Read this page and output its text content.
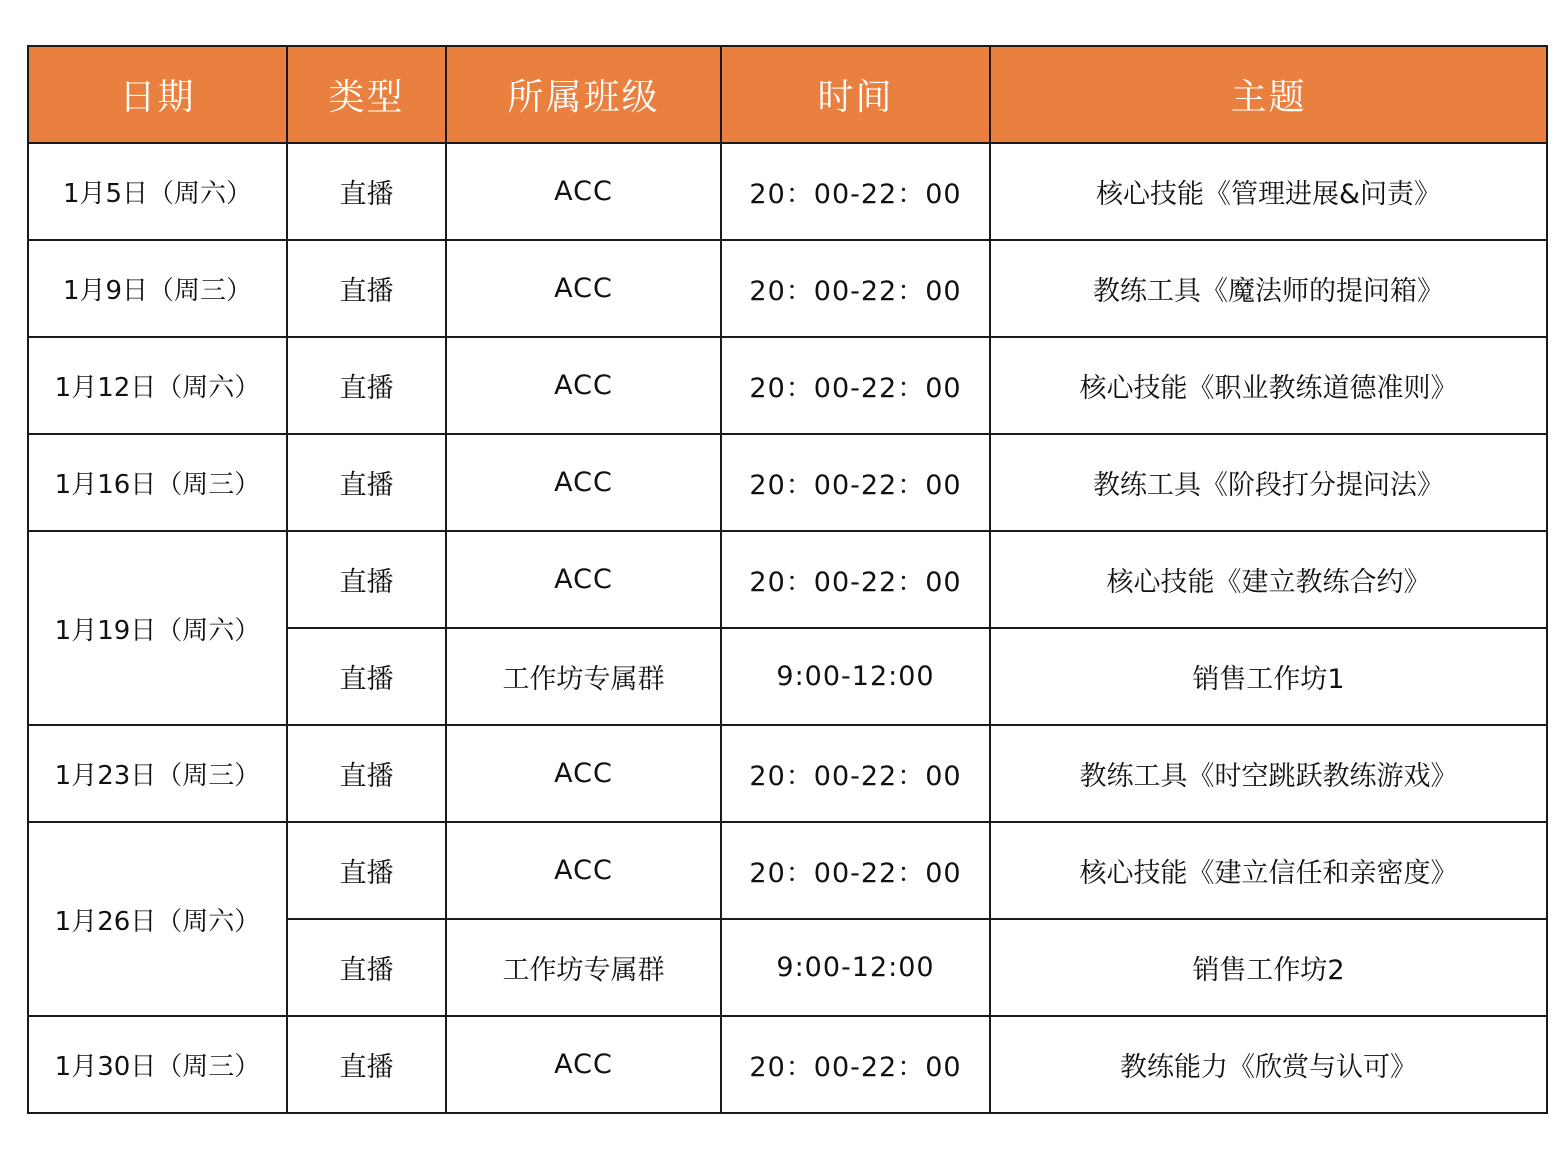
日期	类型	所属班级	时间	主题
1月5日（周六）	直播	ACC	20：00-22：00	核心技能《管理进展&问责》
1月9日（周三）	直播	ACC	20：00-22：00	教练工具《魔法师的提问箱》
1月12日（周六）	直播	ACC	20：00-22：00	核心技能《职业教练道德准则》
1月16日（周三）	直播	ACC	20：00-22：00	教练工具《阶段打分提问法》
1月19日（周六）	直播	ACC	20：00-22：00	核心技能《建立教练合约》
	直播	工作坊专属群	9:00-12:00	销售工作坊1
1月23日（周三）	直播	ACC	20：00-22：00	教练工具《时空跳跃教练游戏》
1月26日（周六）	直播	ACC	20：00-22：00	核心技能《建立信任和亲密度》
	直播	工作坊专属群	9:00-12:00	销售工作坊2
1月30日（周三）	直播	ACC	20：00-22：00	教练能力《欣赏与认可》
